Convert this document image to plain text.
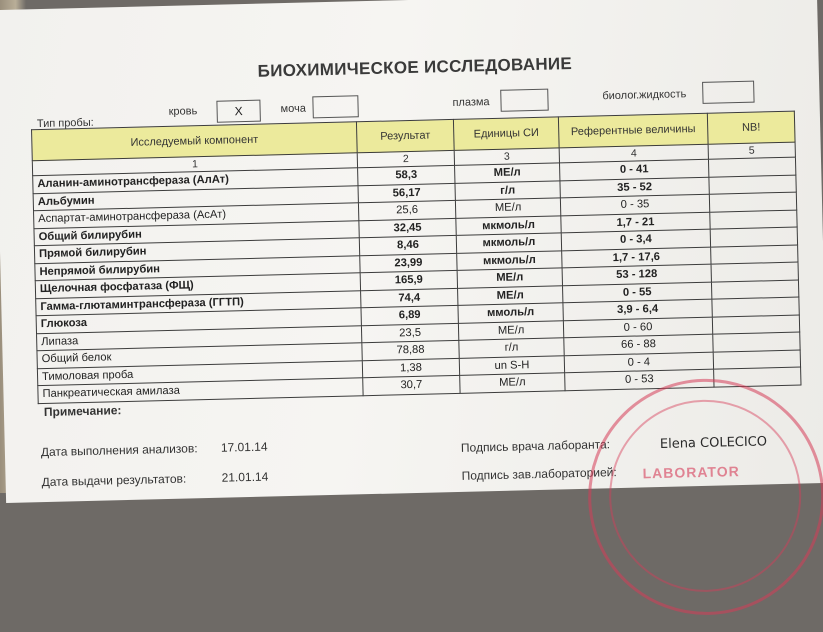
БИОХИМИЧЕСКОЕ ИССЛЕДОВАНИЕ
Тип пробы:
кровь	X	моча	плазма
биолог.жидкость
Исследуемый компонент	Результат	Единицы СИ	Референтные величины	NB!
1	2	3	4	5
Аланин-аминотрансфераза (АлАт)	58,3	МЕ/л	0 - 41	
Альбумин	56,17	г/л	35 - 52	
Аспартат-аминотрансфераза (АсАт)	25,6	МЕ/л	0 - 35	
Общий билирубин	32,45	мкмоль/л	1,7 - 21	
Прямой билирубин	8,46	мкмоль/л	0 - 3,4	
Непрямой билирубин	23,99	мкмоль/л	1,7 - 17,6	
Щелочная фосфатаза (ФЩ)	165,9	МЕ/л	53 - 128	
Гамма-глютаминтрансфераза (ГГТП)	74,4	МЕ/л	0 - 55	
Глюкоза	6,89	ммоль/л	3,9 - 6,4	
Липаза	23,5	МЕ/л	0 - 60	
Общий белок	78,88	г/л	66 - 88	
Тимоловая проба	1,38	un S-H	0 - 4	
Панкреатическая амилаза	30,7	МЕ/л	0 - 53	
Примечание:
Дата выполнения анализов: 17.01.14
Дата выдачи результатов:	21.01.14
Подпись врача лаборанта:
Подпись зав.лабораторией: LABORATOR
Elena COLECICO
